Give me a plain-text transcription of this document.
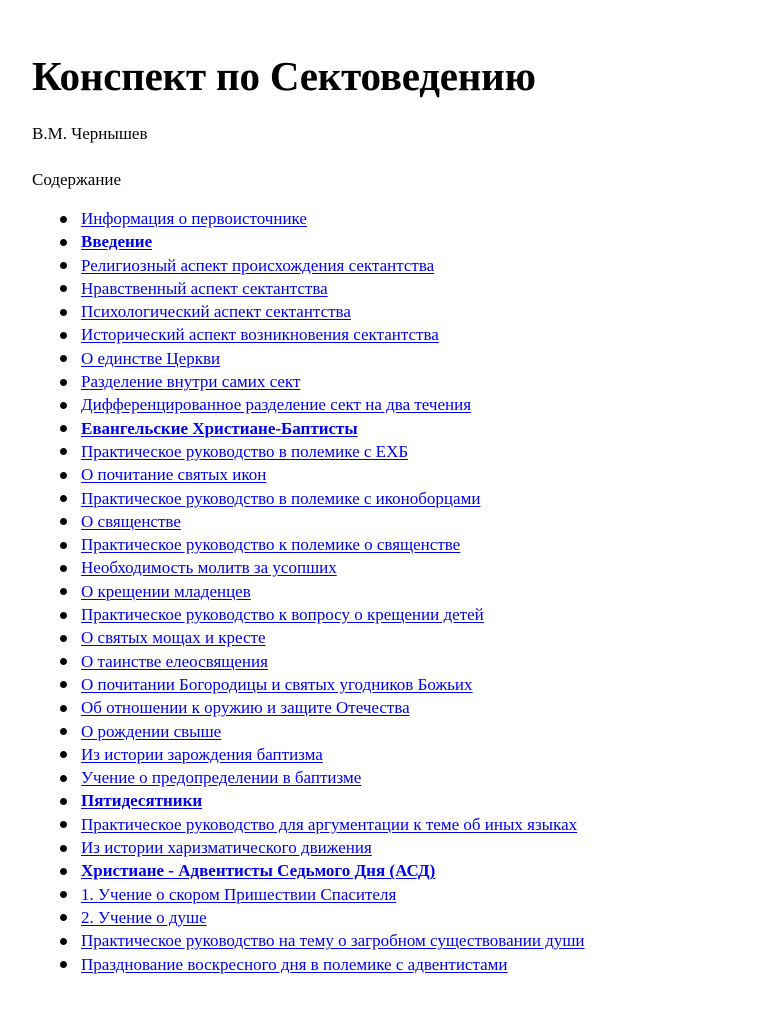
Конспект по Сектоведению

В.М. Чернышев

Содержание

Информация о первоисточнике
Введение
Религиозный аспект происхождения сектантства
Нравственный аспект сектантства
Психологический аспект сектантства
Исторический аспект возникновения сектантства
О единстве Церкви
Разделение внутри самих сект
Дифференцированное разделение сект на два течения
Евангельские Христиане-Баптисты
Практическое руководство в полемике с ЕХБ
О почитание святых икон
Практическое руководство в полемике с иконоборцами
О священстве
Практическое руководство к полемике о священстве
Необходимость молитв за усопших
О крещении младенцев
Практическое руководство к вопросу о крещении детей
О святых мощах и кресте
О таинстве елеосвящения
О почитании Богородицы и святых угодников Божьих
Об отношении к оружию и защите Отечества
О рождении свыше
Из истории зарождения баптизма
Учение о предопределении в баптизме
Пятидесятники
Практическое руководство для аргументации к теме об иных языках
Из истории харизматического движения
Христиане - Адвентисты Седьмого Дня (АСД)
1. Учение о скором Пришествии Спасителя
2. Учение о душе
Практическое руководство на тему о загробном существовании души
Празднование воскресного дня в полемике с адвентистами
